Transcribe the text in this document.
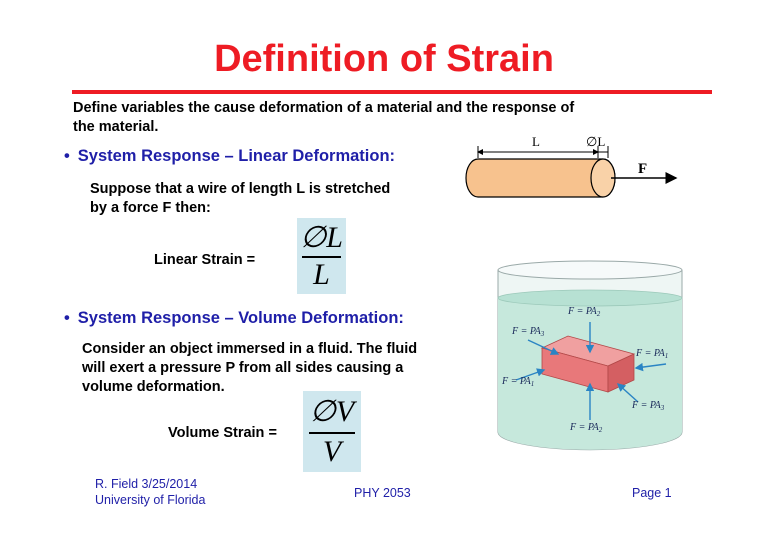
Definition of Strain
Define variables the cause deformation of a material and the response of
the material.
• System Response – Linear Deformation:
Suppose that a wire of length L is stretched
by a force F then:
Linear Strain =
∅L
L
• System Response – Volume Deformation:
Consider an object immersed in a fluid. The fluid
will exert a pressure P from all sides causing a
volume deformation.
Volume Strain =
∅V
V
L	∅L
F
$F = PA_2$
$F = PA_2$
$F = PA_3$
$F = PA_1$
$F = PA_1$
$F = PA_3$
R. Field 3/25/2014
University of Florida	PHY 2053	Page 1
